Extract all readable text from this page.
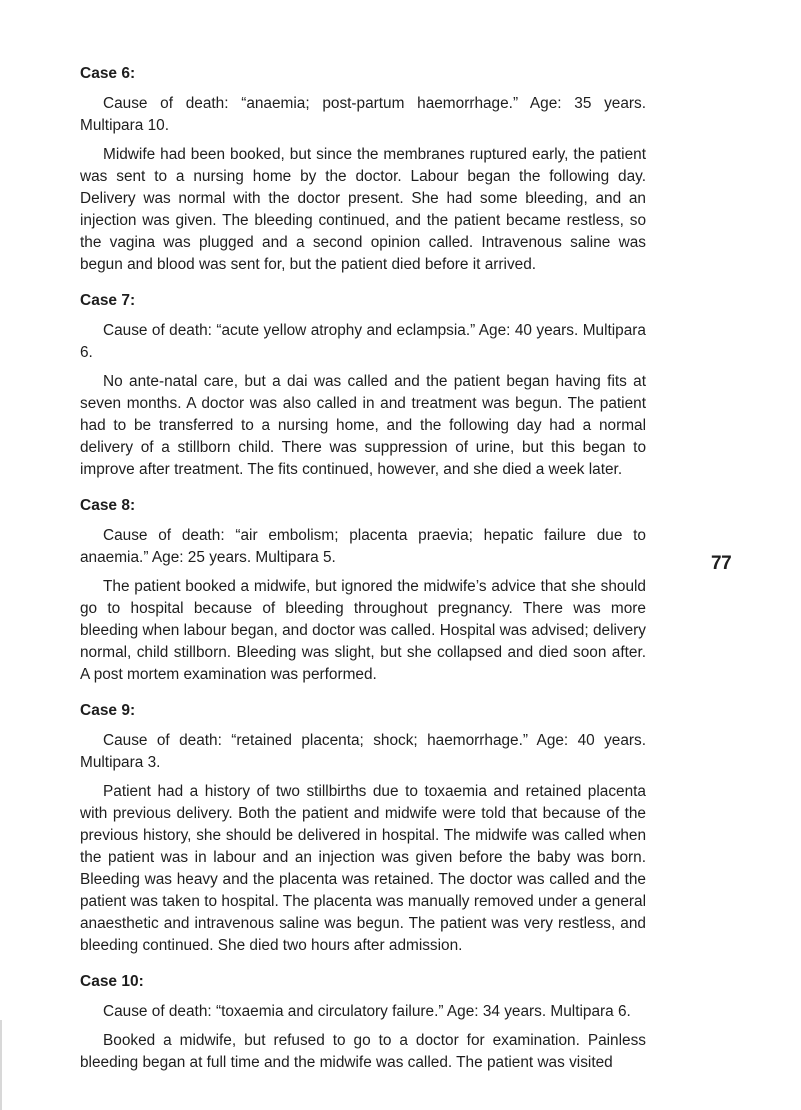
Case 6:

Cause of death: “anaemia; post-partum haemorrhage.” Age: 35 years. Multipara 10.

Midwife had been booked, but since the membranes ruptured early, the patient was sent to a nursing home by the doctor. Labour began the following day. Delivery was normal with the doctor present. She had some bleeding, and an injection was given. The bleeding continued, and the patient became restless, so the vagina was plugged and a second opinion called. Intravenous saline was begun and blood was sent for, but the patient died before it arrived.

Case 7:

Cause of death: “acute yellow atrophy and eclampsia.” Age: 40 years. Multipara 6.

No ante-natal care, but a dai was called and the patient began having fits at seven months. A doctor was also called in and treatment was begun. The patient had to be transferred to a nursing home, and the following day had a normal delivery of a stillborn child. There was suppression of urine, but this began to improve after treatment. The fits continued, however, and she died a week later.

Case 8:

Cause of death: “air embolism; placenta praevia; hepatic failure due to anaemia.” Age: 25 years. Multipara 5.

The patient booked a midwife, but ignored the midwife’s advice that she should go to hospital because of bleeding throughout pregnancy. There was more bleeding when labour began, and doctor was called. Hospital was advised; delivery normal, child stillborn. Bleeding was slight, but she collapsed and died soon after. A post mortem examination was performed.

Case 9:

Cause of death: “retained placenta; shock; haemorrhage.” Age: 40 years. Multipara 3.

Patient had a history of two stillbirths due to toxaemia and retained placenta with previous delivery. Both the patient and midwife were told that because of the previous history, she should be delivered in hospital. The midwife was called when the patient was in labour and an injection was given before the baby was born. Bleeding was heavy and the placenta was retained. The doctor was called and the patient was taken to hospital. The placenta was manually removed under a general anaesthetic and intravenous saline was begun. The patient was very restless, and bleeding continued. She died two hours after admission.

Case 10:

Cause of death: “toxaemia and circulatory failure.” Age: 34 years. Multipara 6.

Booked a midwife, but refused to go to a doctor for examination. Painless bleeding began at full time and the midwife was called. The patient was visited

77
